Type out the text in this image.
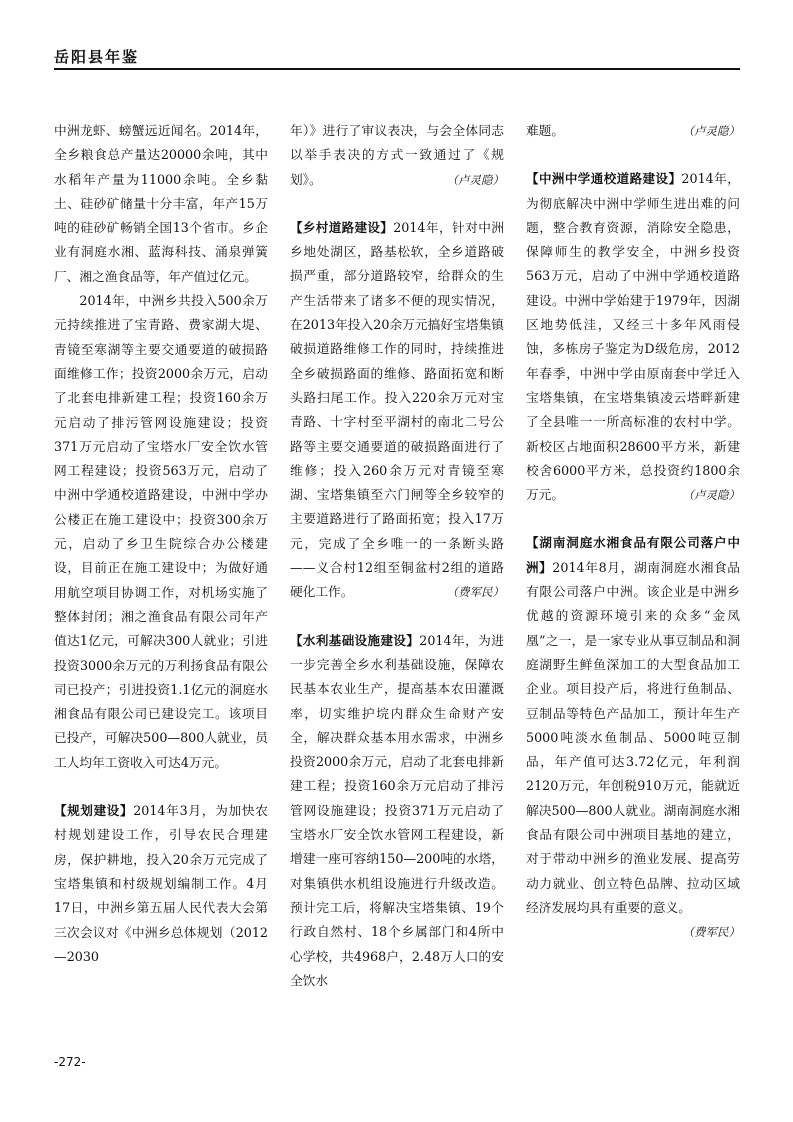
岳阳县年鉴

中洲龙虾、螃蟹远近闻名。2014年，全乡粮食总产量达20000余吨，其中水稻年产量为11000余吨。全乡黏土、硅砂矿储量十分丰富，年产15万吨的硅砂矿畅销全国13个省市。乡企业有洞庭水湘、蓝海科技、涌泉弹簧厂、湘之渔食品等，年产值过亿元。

2014年，中洲乡共投入500余万元持续推进了宝青路、费家湖大堤、青镜至寒湖等主要交通要道的破损路面维修工作；投资2000余万元，启动了北套电排新建工程；投资160余万元启动了排污管网设施建设；投资371万元启动了宝塔水厂安全饮水管网工程建设；投资563万元，启动了中洲中学通校道路建设，中洲中学办公楼正在施工建设中；投资300余万元，启动了乡卫生院综合办公楼建设，目前正在施工建设中；为做好通用航空项目协调工作，对机场实施了整体封闭；湘之渔食品有限公司年产值达1亿元，可解决300人就业；引进投资3000余万元的万利扬食品有限公司已投产；引进投资1.1亿元的洞庭水湘食品有限公司已建设完工。该项目已投产，可解决500—800人就业，员工人均年工资收入可达4万元。

【规划建设】2014年3月，为加快农村规划建设工作，引导农民合理建房，保护耕地，投入20余万元完成了宝塔集镇和村级规划编制工作。4月17日，中洲乡第五届人民代表大会第三次会议对《中洲乡总体规划（2012—2030

年）》进行了审议表决，与会全体同志以举手表决的方式一致通过了《规划》。	（卢灵隐）

【乡村道路建设】2014年，针对中洲乡地处湖区，路基松软，全乡道路破损严重，部分道路较窄，给群众的生产生活带来了诸多不便的现实情况，在2013年投入20余万元搞好宝塔集镇破损道路维修工作的同时，持续推进全乡破损路面的维修、路面拓宽和断头路扫尾工作。投入220余万元对宝青路、十字村至平湖村的南北二号公路等主要交通要道的破损路面进行了维修；投入260余万元对青镜至寒湖、宝塔集镇至六门闸等全乡较窄的主要道路进行了路面拓宽；投入17万元，完成了全乡唯一的一条断头路——义合村12组至铜盆村2组的道路硬化工作。	（费军民）

【水利基础设施建设】2014年，为进一步完善全乡水利基础设施，保障农民基本农业生产，提高基本农田灌溉率，切实维护垸内群众生命财产安全，解决群众基本用水需求，中洲乡投资2000余万元，启动了北套电排新建工程；投资160余万元启动了排污管网设施建设；投资371万元启动了宝塔水厂安全饮水管网工程建设，新增建一座可容纳150—200吨的水塔，对集镇供水机组设施进行升级改造。预计完工后，将解决宝塔集镇、19个行政自然村、18个乡属部门和4所中心学校，共4968户，2.48万人口的安全饮水

难题。	（卢灵隐）

【中洲中学通校道路建设】2014年，为彻底解决中洲中学师生进出难的问题，整合教育资源，消除安全隐患，保障师生的教学安全，中洲乡投资563万元，启动了中洲中学通校道路建设。中洲中学始建于1979年，因湖区地势低洼，又经三十多年风雨侵蚀，多栋房子鉴定为D级危房，2012年春季，中洲中学由原南套中学迁入宝塔集镇，在宝塔集镇凌云塔畔新建了全县唯一一所高标准的农村中学。新校区占地面积28600平方米，新建校舍6000平方米，总投资约1800余万元。	（卢灵隐）

【湖南洞庭水湘食品有限公司落户中洲】2014年8月，湖南洞庭水湘食品有限公司落户中洲。该企业是中洲乡优越的资源环境引来的众多“金凤凰”之一，是一家专业从事豆制品和洞庭湖野生鲜鱼深加工的大型食品加工企业。项目投产后，将进行鱼制品、豆制品等特色产品加工，预计年生产5000吨淡水鱼制品、5000吨豆制品，年产值可达3.72亿元，年利润2120万元，年创税910万元，能就近解决500—800人就业。湖南洞庭水湘食品有限公司中洲项目基地的建立，对于带动中洲乡的渔业发展、提高劳动力就业、创立特色品牌、拉动区域经济发展均具有重要的意义。
（费军民）

-272-
